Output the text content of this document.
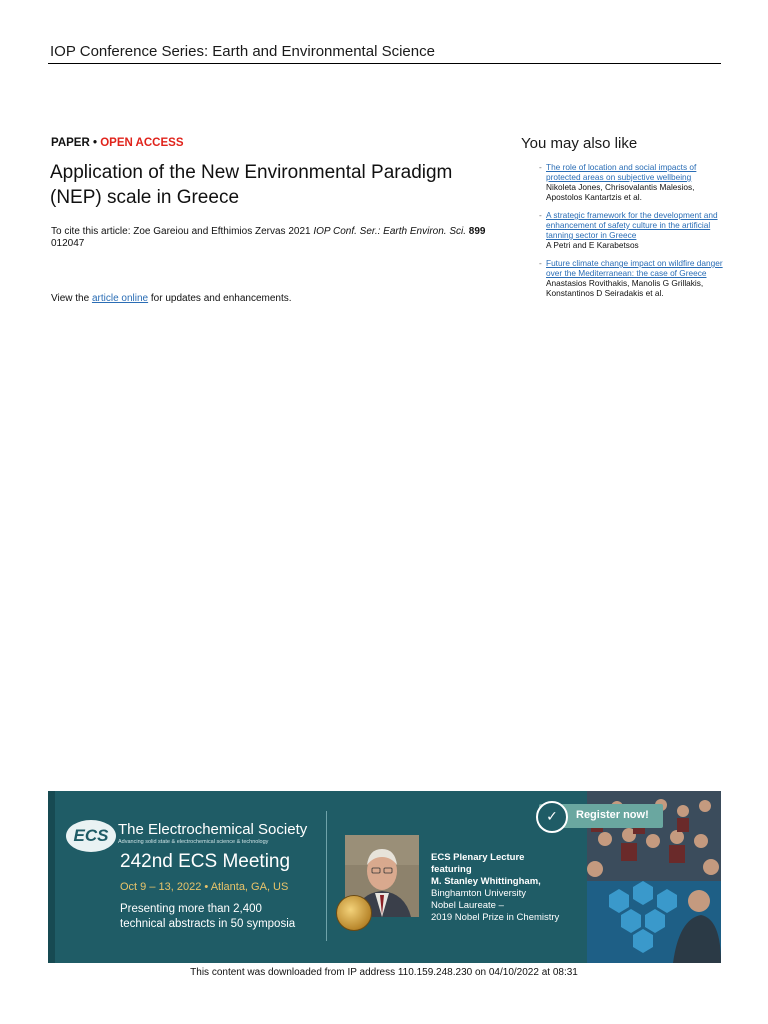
IOP Conference Series: Earth and Environmental Science
PAPER • OPEN ACCESS
Application of the New Environmental Paradigm (NEP) scale in Greece
To cite this article: Zoe Gareiou and Efthimios Zervas 2021 IOP Conf. Ser.: Earth Environ. Sci. 899
012047
View the article online for updates and enhancements.
You may also like
- The role of location and social impacts of protected areas on subjective wellbeing
Nikoleta Jones, Chrisovalantis Malesios, Apostolos Kantartzis et al.
- A strategic framework for the development and enhancement of safety culture in the artificial tanning sector in Greece
A Petri and E Karabetsos
- Future climate change impact on wildfire danger over the Mediterranean: the case of Greece
Anastasios Rovithakis, Manolis G Grillakis, Konstantinos D Seiradakis et al.
ECS The Electrochemical Society
Advancing solid state & electrochemical science & technology
242nd ECS Meeting
Oct 9 – 13, 2022 • Atlanta, GA, US
Presenting more than 2,400
technical abstracts in 50 symposia
ECS Plenary Lecture
featuring
M. Stanley Whittingham,
Binghamton University
Nobel Laureate –
2019 Nobel Prize in Chemistry
✓	Register now!
This content was downloaded from IP address 110.159.248.230 on 04/10/2022 at 08:31
